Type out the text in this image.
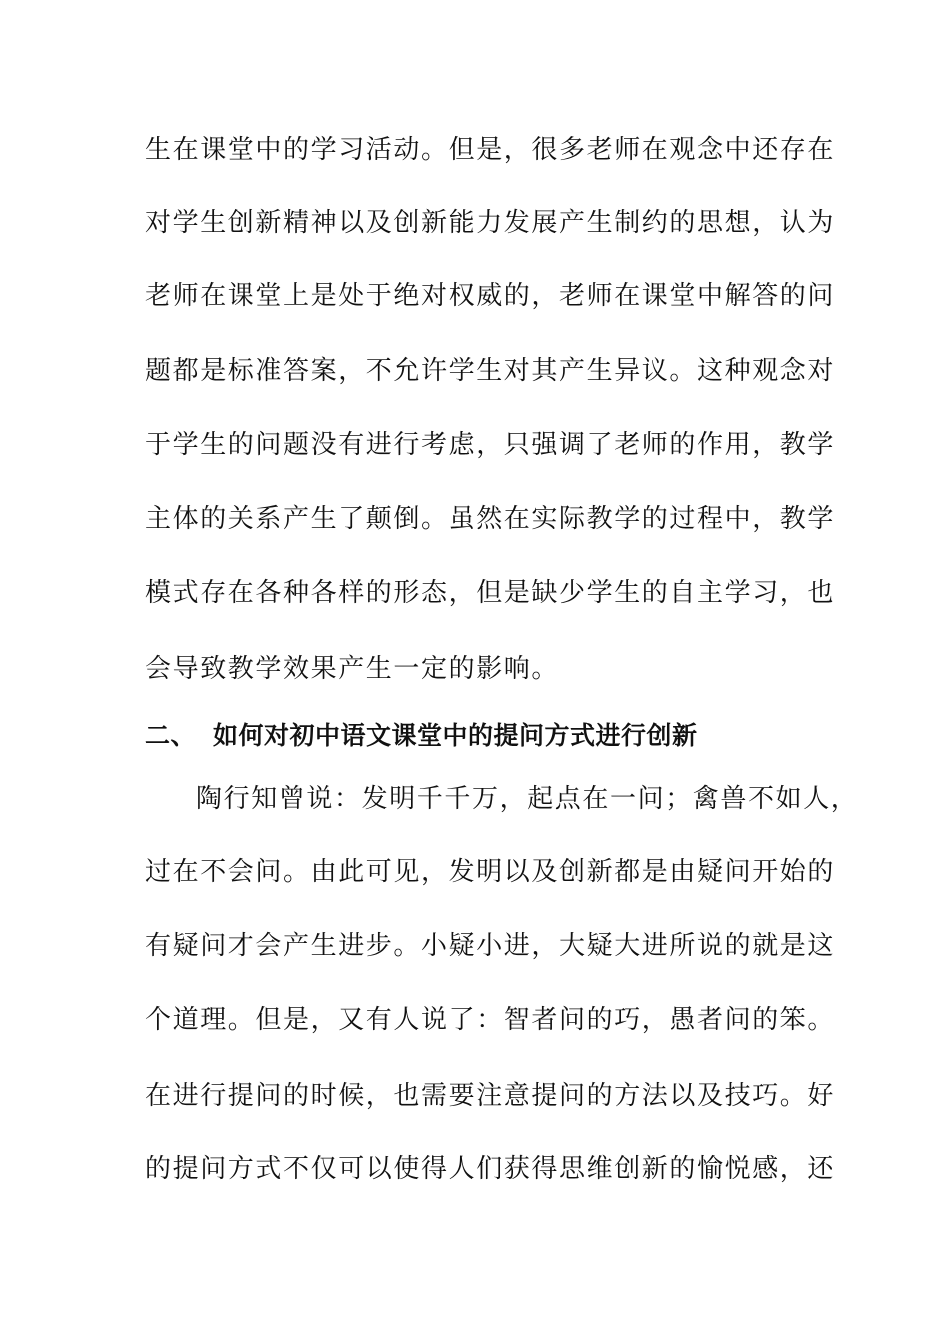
生在课堂中的学习活动。但是，很多老师在观念中还存在
对学生创新精神以及创新能力发展产生制约的思想，认为
老师在课堂上是处于绝对权威的，老师在课堂中解答的问
题都是标准答案，不允许学生对其产生异议。这种观念对
于学生的问题没有进行考虑，只强调了老师的作用，教学
主体的关系产生了颠倒。虽然在实际教学的过程中，教学
模式存在各种各样的形态，但是缺少学生的自主学习，也
会导致教学效果产生一定的影响。
二、 如何对初中语文课堂中的提问方式进行创新
陶行知曾说：发明千千万，起点在一问；禽兽不如人，
过在不会问。由此可见，发明以及创新都是由疑问开始的
有疑问才会产生进步。小疑小进，大疑大进所说的就是这
个道理。但是，又有人说了：智者问的巧，愚者问的笨。
在进行提问的时候，也需要注意提问的方法以及技巧。好
的提问方式不仅可以使得人们获得思维创新的愉悦感，还
